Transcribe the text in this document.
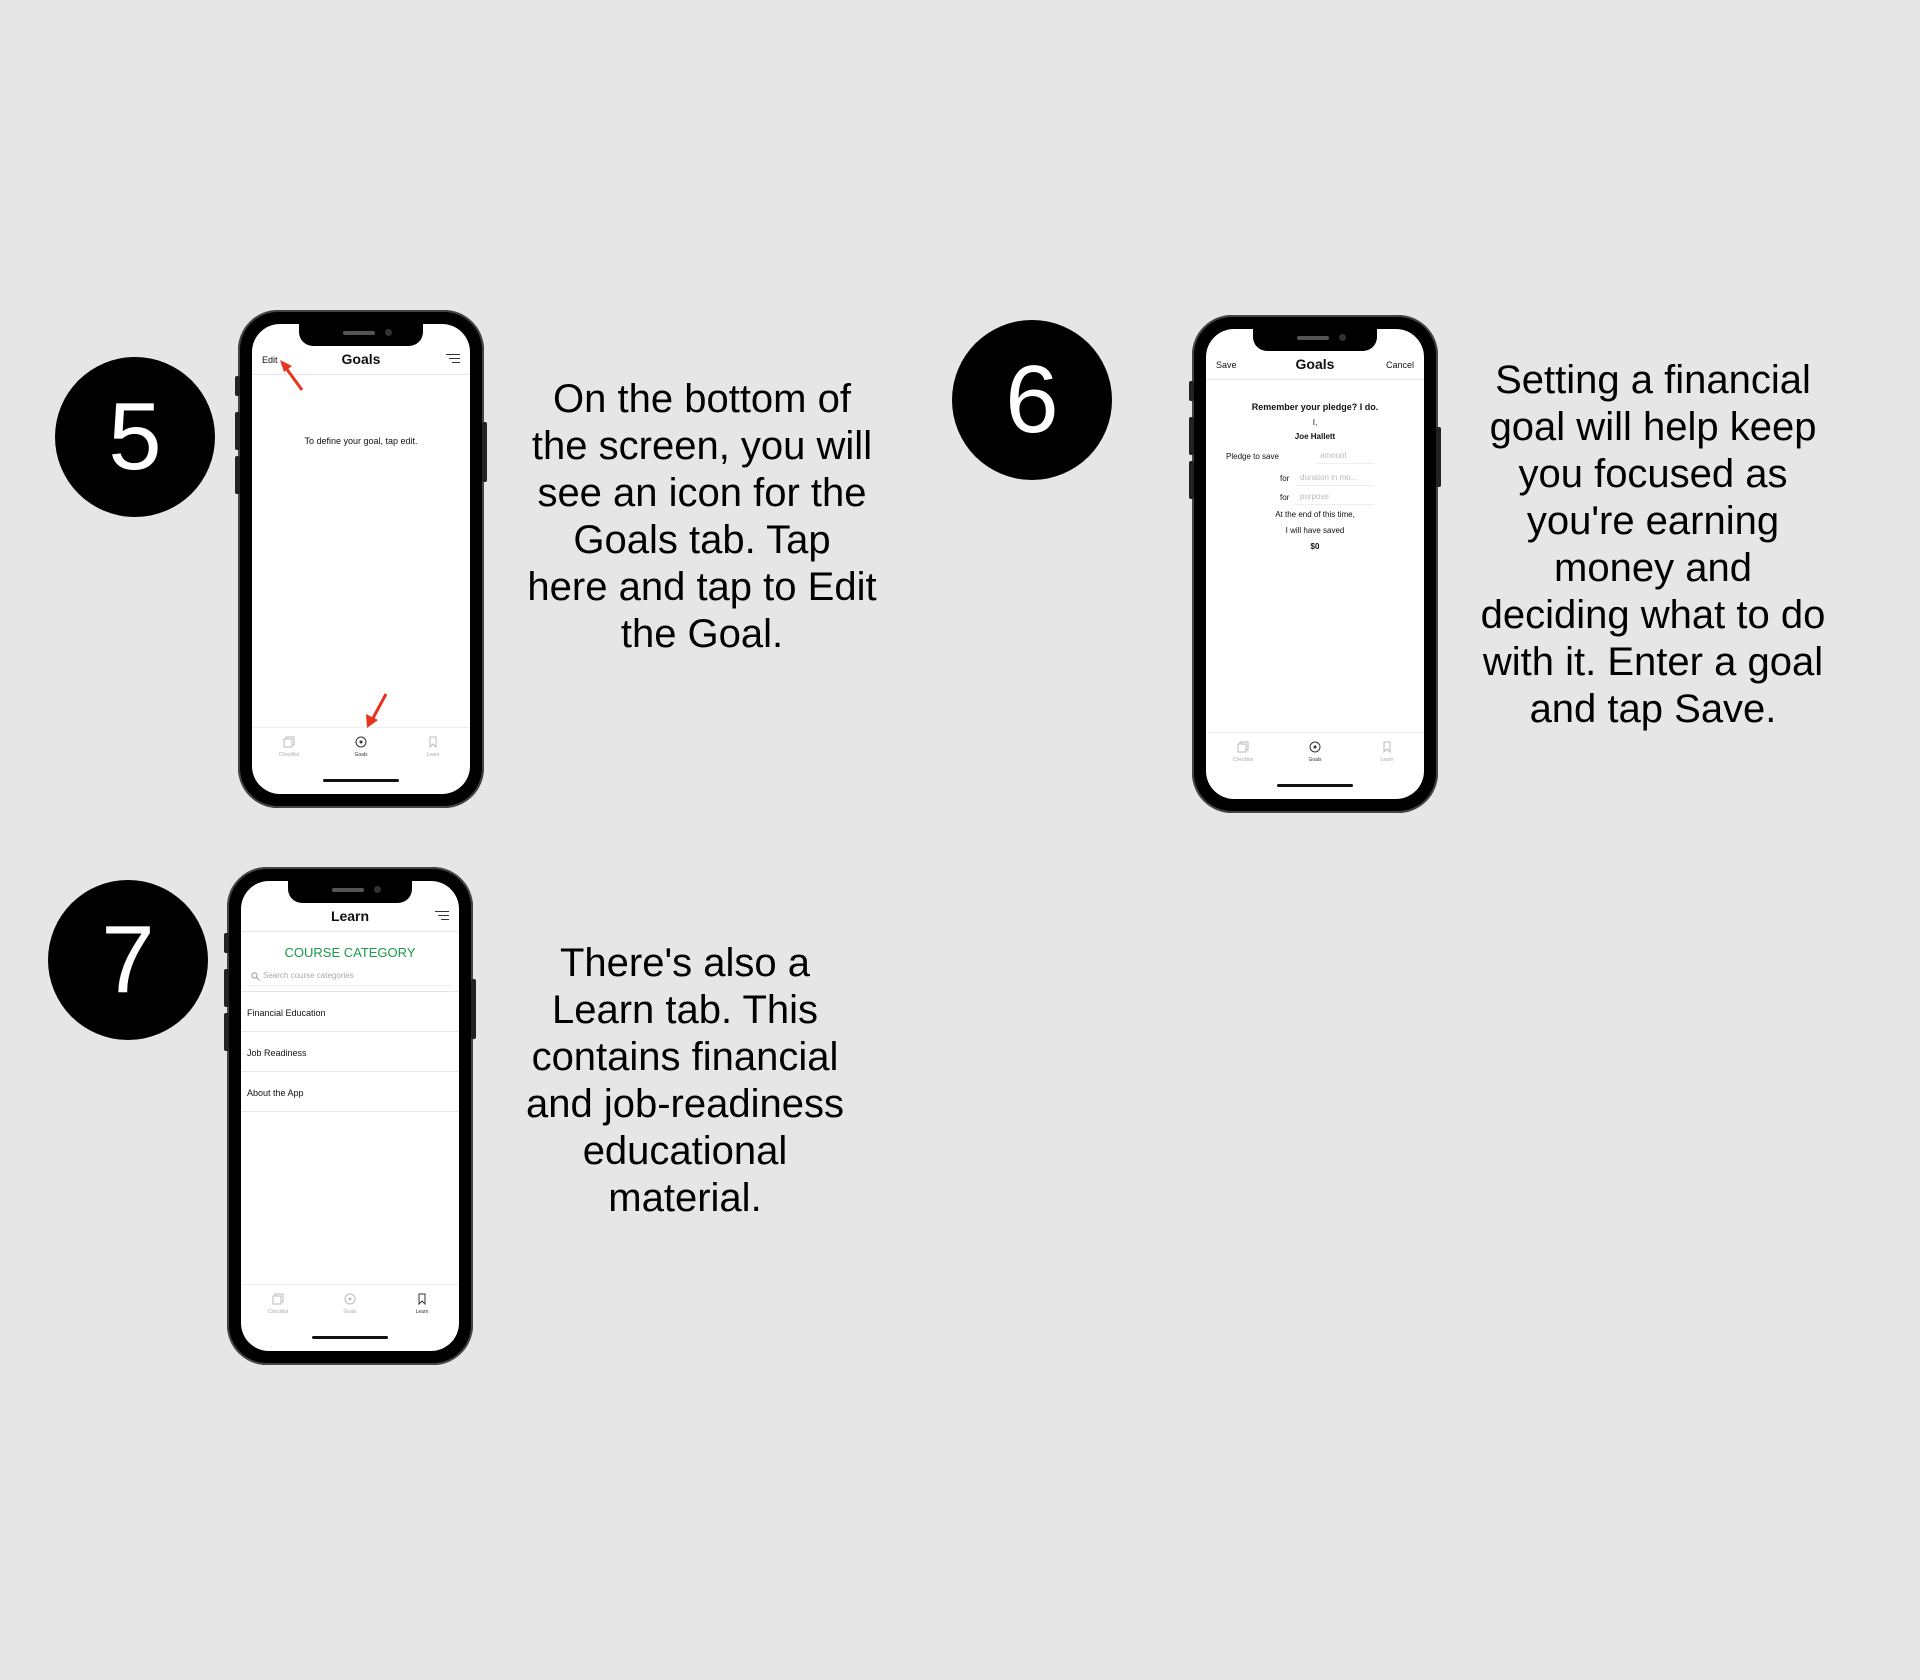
5
Edit	Goals
To define your goal, tap edit.
Checklist	Goals	Learn
On the bottom of
the screen, you will
see an icon for the
Goals tab. Tap
here and tap to Edit
the Goal.
6	Save	Goals	Cancel
Remember your pledge? I do.
I,
Joe Hallett
Pledge to save	amount
for	duration in mo...
for	purpose
At the end of this time,
I will have saved
$0
Checklist	Goals	Learn
Setting a financial
goal will help keep
you focused as
you're earning
money and
deciding what to do
with it. Enter a goal
and tap Save.
7	Learn
COURSE CATEGORY
Search course categories
Financial Education
Job Readiness
About the App
Checklist	Goals	Learn
There's also a
Learn tab. This
contains financial
and job-readiness
educational
material.
